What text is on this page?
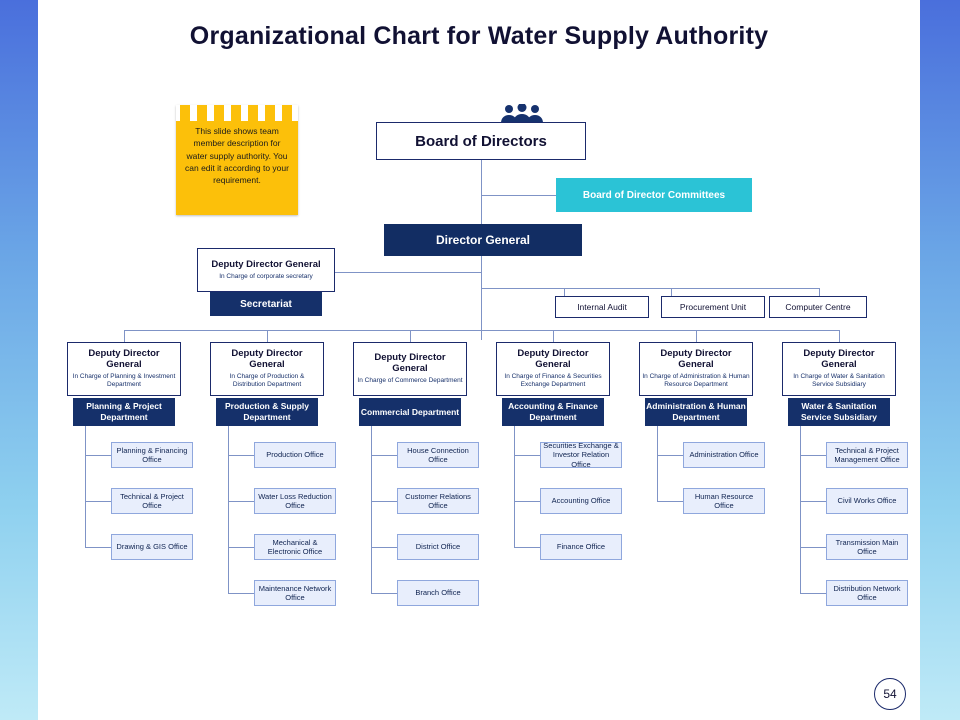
Organizational Chart for Water Supply Authority
This slide shows team member description for water supply authority. You can edit it according to your requirement.
Board of Directors
Board of Director Committees
Director General
Deputy Director General
In Charge of corporate secretary
Secretariat	Internal Audit	Procurement Unit	Computer Centre
Deputy Director General
In Charge of Planning & Investment Department
Planning & Project Department
Planning & Financing Office
Technical & Project Office
Drawing & GIS Office
Deputy Director General
In Charge of Production & Distribution Department
Production & Supply Department
Production Office
Water Loss Reduction Office
Mechanical & Electronic Office
Maintenance Network Office
Deputy Director General
In Charge of Commerce Department
Commercial Department
House Connection Office
Customer Relations Office
District Office
Branch Office
Deputy Director General
In Charge of Finance & Securities Exchange Department
Accounting & Finance Department
Securities Exchange & Investor Relation Office
Accounting Office
Finance Office
Deputy Director General
In Charge of Administration & Human Resource Department
Administration & Human Department
Administration Office
Human Resource Office
Deputy Director General
In Charge of Water & Sanitation Service Subsidiary
Water & Sanitation Service Subsidiary
Technical & Project Management Office
Civil Works Office
Transmission Main Office
Distribution Network Office
54
